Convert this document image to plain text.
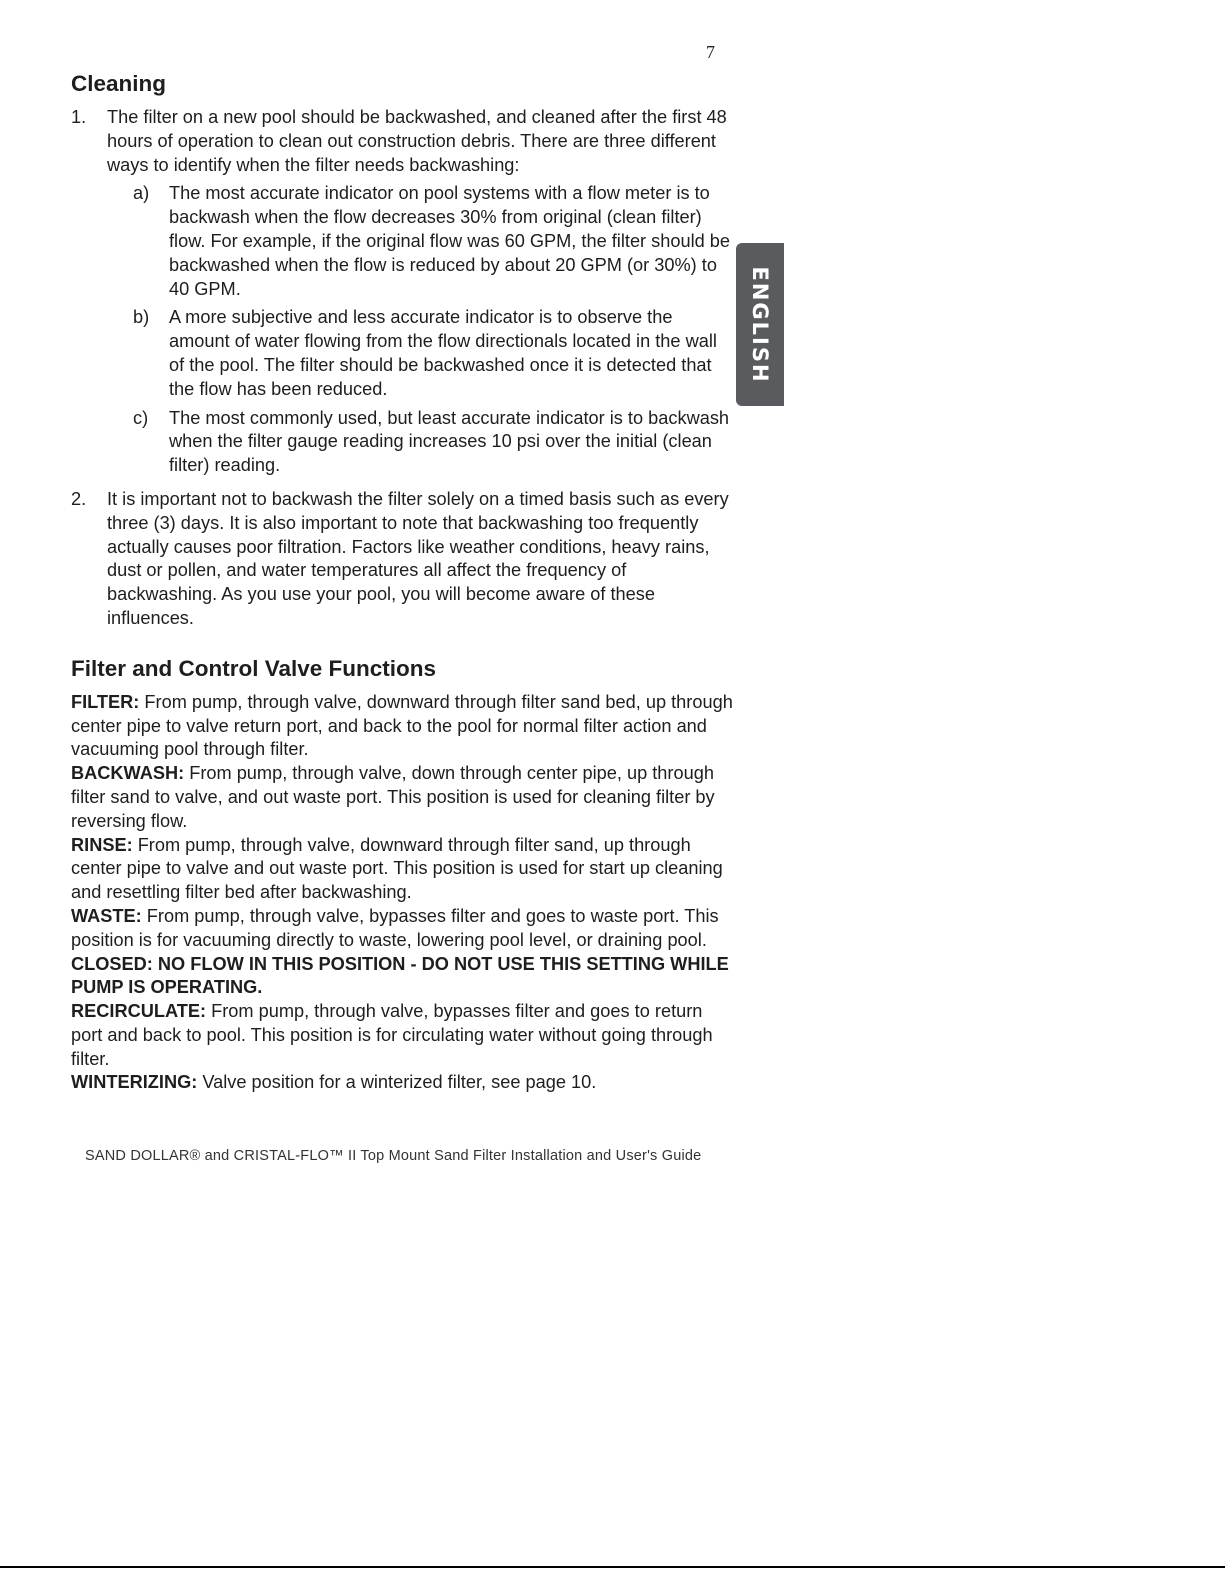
7
ENGLISH
Cleaning
1.	The filter on a new pool should be backwashed, and cleaned after the first 48 hours of operation to clean out construction debris. There are three different ways to identify when the filter needs backwashing:
a)	The most accurate indicator on pool systems with a flow meter is to backwash when the flow decreases 30% from original (clean filter) flow. For example, if the original flow was 60 GPM, the filter should be backwashed when the flow is reduced by about 20 GPM (or 30%) to 40 GPM.
b)	A more subjective and less accurate indicator is to observe the amount of water flowing from the flow directionals located in the wall of the pool. The filter should be backwashed once it is detected that the flow has been reduced.
c)	The most commonly used, but least accurate indicator is to backwash when the filter gauge reading increases 10 psi over the initial (clean filter) reading.
2.	It is important not to backwash the filter solely on a timed basis such as every three (3) days. It is also important to note that backwashing too frequently actually causes poor filtration. Factors like weather conditions, heavy rains, dust or pollen, and water temperatures all affect the frequency of backwashing. As you use your pool, you will become aware of these influences.
Filter and Control Valve Functions

FILTER: From pump, through valve, downward through filter sand bed, up through center pipe to valve return port, and back to the pool for normal filter action and vacuuming pool through filter.

BACKWASH: From pump, through valve, down through center pipe, up through filter sand to valve, and out waste port. This position is used for cleaning filter by reversing flow.

RINSE: From pump, through valve, downward through filter sand, up through center pipe to valve and out waste port. This position is used for start up cleaning and resettling filter bed after backwashing.

WASTE: From pump, through valve, bypasses filter and goes to waste port. This position is for vacuuming directly to waste, lowering pool level, or draining pool.

CLOSED: NO FLOW IN THIS POSITION - DO NOT USE THIS SETTING WHILE PUMP IS OPERATING.

RECIRCULATE: From pump, through valve, bypasses filter and goes to return port and back to pool. This position is for circulating water without going through filter.

WINTERIZING: Valve position for a winterized filter, see page 10.

SAND DOLLAR® and CRISTAL-FLO™ II Top Mount Sand Filter Installation and User's Guide
